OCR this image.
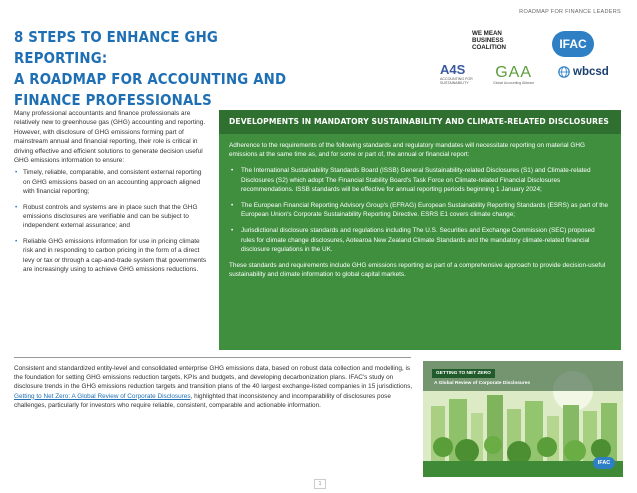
ROADMAP FOR FINANCE LEADERS
8 STEPS TO ENHANCE GHG REPORTING:
A ROADMAP FOR ACCOUNTING AND
FINANCE PROFESSIONALS
WE MEAN
BUSINESS
COALITION	IFAC
A4S
ACCOUNTING FOR
SUSTAINABILITY
GAA
Global Accounting Alliance
wbcsd

Many professional accountants and finance professionals are relatively new to greenhouse gas (GHG) accounting and reporting. However, with disclosure of GHG emissions forming part of mainstream annual and financial reporting, their role is critical in driving effective and efficient solutions to generate decision useful GHG emissions information to ensure:

• Timely, reliable, comparable, and consistent external reporting on GHG emissions based on an accounting approach aligned with financial reporting;
• Robust controls and systems are in place such that the GHG emissions disclosures are verifiable and can be subject to independent external assurance; and
• Reliable GHG emissions information for use in pricing climate risk and in responding to carbon pricing in the form of a direct levy or tax or through a cap-and-trade system that governments are increasingly using to achieve GHG emissions reductions.
DEVELOPMENTS IN MANDATORY SUSTAINABILITY AND CLIMATE-RELATED DISCLOSURES

Adherence to the requirements of the following standards and regulatory mandates will necessitate reporting on material GHG emissions at the same time as, and for some or part of, the annual or financial report:

• The International Sustainability Standards Board (ISSB) General Sustainability-related Disclosures (S1) and Climate-related Disclosures (S2) which adopt The Financial Stability Board's Task Force on Climate-related Financial Disclosures recommendations. ISSB standards will be effective for annual reporting periods beginning 1 January 2024;
• The European Financial Reporting Advisory Group's (EFRAG) European Sustainability Reporting Standards (ESRS) as part of the European Union's Corporate Sustainability Reporting Directive. ESRS E1 covers climate change;
• Jurisdictional disclosure standards and regulations including The U.S. Securities and Exchange Commission (SEC) proposed rules for climate change disclosures, Aotearoa New Zealand Climate Standards and the mandatory climate-related financial disclosure regulations in the UK.

These standards and requirements include GHG emissions reporting as part of a comprehensive approach to provide decision-useful sustainability and climate information to global capital markets.

Consistent and standardized entity-level and consolidated enterprise GHG emissions data, based on robust data collection and modelling, is the foundation for setting GHG emissions reduction targets, KPIs and budgets, and developing decarbonization plans. IFAC's study on disclosure trends in the GHG emissions reduction targets and transition plans of the 40 largest exchange-listed companies in 15 jurisdictions, Getting to Net Zero: A Global Review of Corporate Disclosures, highlighted that inconsistency and incomparability of disclosures pose challenges, particularly for investors who require reliable, consistent, comparable and actionable information.

GETTING TO NET ZERO
A Global Review of Corporate Disclosures
IFAC
1
